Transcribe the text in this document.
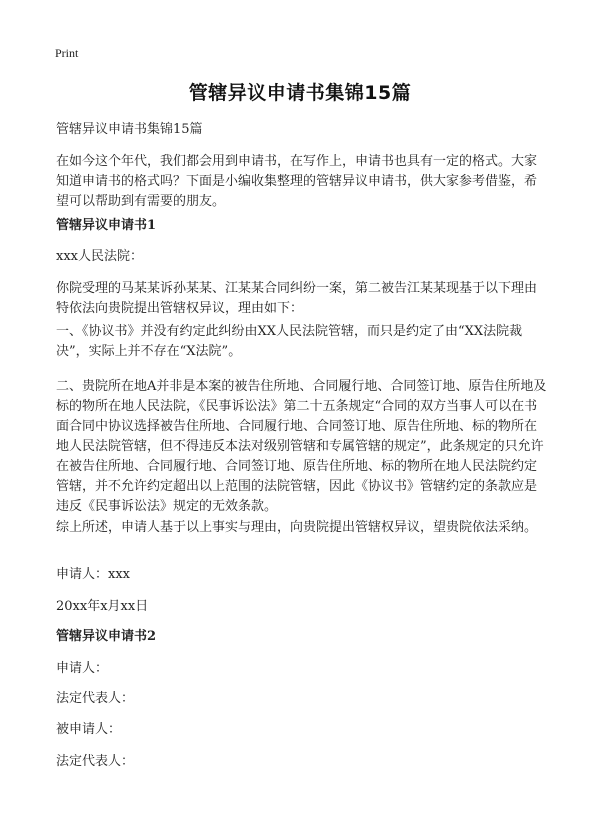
Print
管辖异议申请书集锦15篇

管辖异议申请书集锦15篇

在如今这个年代，我们都会用到申请书，在写作上，申请书也具有一定的格式。大家知道申请书的格式吗？下面是小编收集整理的管辖异议申请书，供大家参考借鉴，希望可以帮助到有需要的朋友。

管辖异议申请书1

xxx人民法院：

你院受理的马某某诉孙某某、江某某合同纠纷一案，第二被告江某某现基于以下理由特依法向贵院提出管辖权异议，理由如下：

一、《协议书》并没有约定此纠纷由XX人民法院管辖，而只是约定了由“XX法院裁决”，实际上并不存在“X法院”。

二、贵院所在地A并非是本案的被告住所地、合同履行地、合同签订地、原告住所地及标的物所在地人民法院，《民事诉讼法》第二十五条规定“合同的双方当事人可以在书面合同中协议选择被告住所地、合同履行地、合同签订地、原告住所地、标的物所在地人民法院管辖，但不得违反本法对级别管辖和专属管辖的规定”，此条规定的只允许在被告住所地、合同履行地、合同签订地、原告住所地、标的物所在地人民法院约定管辖，并不允许约定超出以上范围的法院管辖，因此《协议书》管辖约定的条款应是违反《民事诉讼法》规定的无效条款。

综上所述，申请人基于以上事实与理由，向贵院提出管辖权异议，望贵院依法采纳。

申请人：xxx

20xx年x月xx日

管辖异议申请书2

申请人：

法定代表人：

被申请人：

法定代表人：
